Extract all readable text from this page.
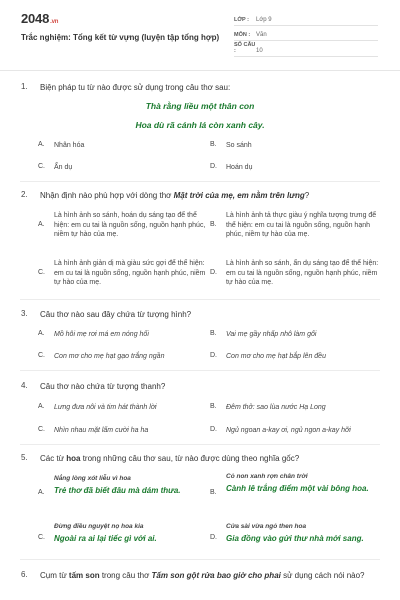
2048.vn
Trắc nghiệm: Tổng kết từ vựng (luyện tập tổng hợp)
LỚP :	Lớp 9
MÔN : Văn
SỐ CÂU :	10
1. Biện pháp tu từ nào được sử dụng trong câu thơ sau:
Thà rằng liều một thân con
Hoa dù rã cánh lá còn xanh cây.
A.	Nhân hóa	B.	So sánh
C.	Ẩn dụ	D.	Hoán dụ
2. Nhận định nào phù hợp với dòng thơ Mặt trời của mẹ, em nằm trên lưng?
A.
Là hình ảnh so sánh, hoán dụ sáng tạo để thể hiện: em cu tai là nguồn sống, nguồn hạnh phúc, niềm tự hào của mẹ.
B.
Là hình ảnh tả thực giàu ý nghĩa tượng trưng để thể hiện: em cu tai là nguồn sống, nguồn hạnh phúc, niềm tự hào của mẹ.
C.
Là hình ảnh giản dị mà giàu sức gợi để thể hiện: em cu tai là nguồn sống, nguồn hạnh phúc, niềm tự hào của mẹ.
D.
Là hình ảnh so sánh, ẩn dụ sáng tạo để thể hiện: em cu tai là nguồn sống, nguồn hạnh phúc, niềm tự hào của mẹ.
3. Câu thơ nào sau đây chứa từ tượng hình?
A.	Mồ hôi mẹ rơi má em nóng hổi	B.	Vai mẹ gầy nhấp nhô làm gối
C.	Con mơ cho mẹ hạt gạo trắng ngần	D.	Con mơ cho mẹ hạt bắp lên đều
4. Câu thơ nào chứa từ tượng thanh?
A.	Lưng đưa nôi và tim hát thành lời	B.	Đêm thở: sao lùa nước Hạ Long
C.	Nhìn nhau mặt lấm cười ha ha	D.	Ngủ ngoan a-kay ơi, ngủ ngon a-kay hỡi
5. Các từ hoa trong những câu thơ sau, từ nào được dùng theo nghĩa gốc?
A.
Nắng lòng xót liễu vì hoa
Trẻ thơ đã biết đâu mà dám thưa.	B.
Cỏ non xanh rợn chân trời
Cành lê trắng điểm một vài bông hoa.
C.
Đừng điều nguyệt nọ hoa kia
Ngoài ra ai lại tiếc gì với ai.	D.
Cửa sài vừa ngỏ then hoa
Gia đồng vào gửi thư nhà mới sang.
6. Cụm từ tấm son trong câu thơ Tấm son gột rửa bao giờ cho phai sử dụng cách nói nào?
